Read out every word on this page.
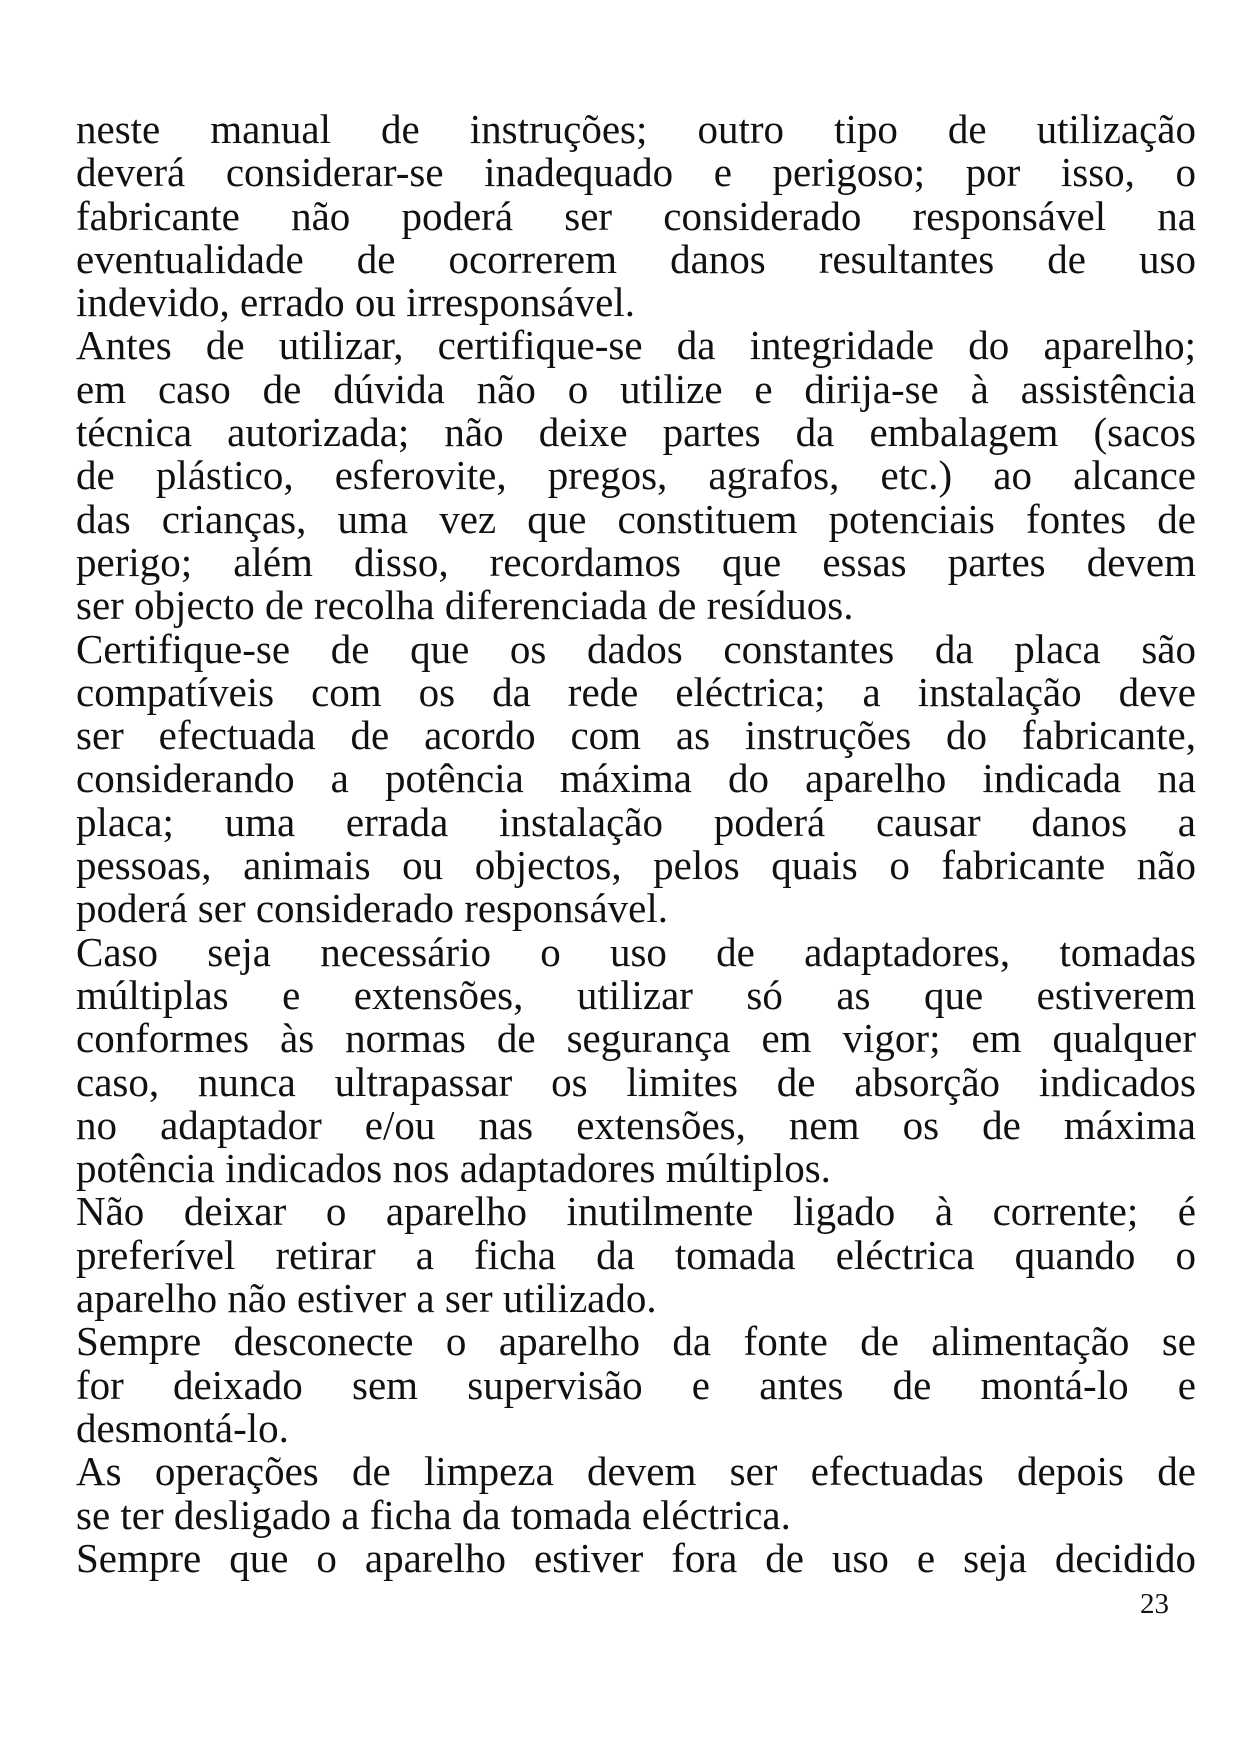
neste manual de instruções; outro tipo de utilização
deverá considerar-se inadequado e perigoso; por isso, o
fabricante não poderá ser considerado responsável na
eventualidade de ocorrerem danos resultantes de uso
indevido, errado ou irresponsável.

Antes de utilizar, certifique-se da integridade do aparelho;
em caso de dúvida não o utilize e dirija-se à assistência
técnica autorizada; não deixe partes da embalagem (sacos
de plástico, esferovite, pregos, agrafos, etc.) ao alcance
das crianças, uma vez que constituem potenciais fontes de
perigo; além disso, recordamos que essas partes devem
ser objecto de recolha diferenciada de resíduos.

Certifique-se de que os dados constantes da placa são
compatíveis com os da rede eléctrica; a instalação deve
ser efectuada de acordo com as instruções do fabricante,
considerando a potência máxima do aparelho indicada na
placa; uma errada instalação poderá causar danos a
pessoas, animais ou objectos, pelos quais o fabricante não
poderá ser considerado responsável.

Caso seja necessário o uso de adaptadores, tomadas
múltiplas e extensões, utilizar só as que estiverem
conformes às normas de segurança em vigor; em qualquer
caso, nunca ultrapassar os limites de absorção indicados
no adaptador e/ou nas extensões, nem os de máxima
potência indicados nos adaptadores múltiplos.

Não deixar o aparelho inutilmente ligado à corrente; é
preferível retirar a ficha da tomada eléctrica quando o
aparelho não estiver a ser utilizado.

Sempre desconecte o aparelho da fonte de alimentação se
for deixado sem supervisão e antes de montá-lo e
desmontá-lo.

As operações de limpeza devem ser efectuadas depois de
se ter desligado a ficha da tomada eléctrica.

Sempre que o aparelho estiver fora de uso e seja decidido

23
